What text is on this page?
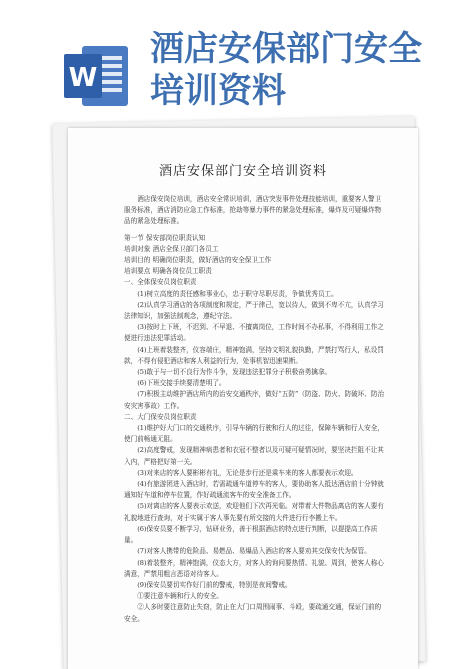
W
酒店安保部门安全
培训资料
酒店安保部门安全培训资料

酒店保安岗位培训，酒店安全常识培训，酒店突发事件处理技能培训，重要客人警卫服务标准，酒店消防应急工作标准，抢劫等暴力事件的紧急处理标准，爆炸及可疑爆炸物品的紧急处理标准。

第一节 保安部岗位职责认知

培训对象 酒店全保卫部门各员工

培训目的 明确岗位职责，做好酒店的安全保卫工作

培训要点 明确各岗位员工职责

一、全体保安员岗位职责

(1)树立高度的责任感和事业心，忠于职守尽职尽责，争做优秀员工。

(2)认真学习酒店的各项制度和规定，严于律己，宽以待人，做到不卑不亢，认真学习法律知识，加强法制观念，遵纪守法。

(3)按时上下班，不迟到、不早退、不擅离岗位，工作时间不办私事，不得利用工作之便进行违法犯罪活动。

(4)上班着装整齐，仪容端庄，精神饱满，坚持文明礼貌执勤，严禁打骂行人，私设罚款，不得有侵犯酒店和客人利益的行为，处事机智迅速果断。

(5)敢于与一切不良行为作斗争，发现违法犯罪分子积极奋勇擒拿。

(6)下班交接手续要清楚明了。

(7)积极主动维护酒店所内的治安交通秩序，做好“五防”（防盗、防火、防破坏、防治安灾害事故）工作。

二、大门保安员岗位职责

(1)维护好大门口的交通秩序，引导车辆的行驶和行人的过往，保障车辆和行人安全，使门前畅通无阻。

(2)高度警戒，发现精神病患者和衣冠不整者以及可疑可疑情况时，要坚决拦阻不让其入内，严格把好第一关。

(3)对来店的客人要彬彬有礼，无论是步行还是乘车来的客人都要表示欢迎。

(4)有旅游团进入酒店时，若需疏通车道停车的客人，要协助客人抵达酒店前十分钟就通知好车道和停车位置，作好疏通流客车的安全准备工作。

(5)对离店的客人要表示欢送，欢迎他们下次再光临。对带着大件物品离店的客人要有礼貌地进行查询，对于实属于客人事先要有所交接的大件进行行李搬上车。

(6)保安员要不断学习，钻研业务，善于根据酒店的特点进行判断，以提提高工作质量。

(7)对客人携带的危险品、易燃品、易爆品入酒店的客人要劝其交保安代为保管。

(8)着装整齐，精神饱满，仪态大方，对客人的询问要热情、礼貌、周到，使客人称心满意，严禁用粗言恶语对待客人。

(9)保安员要切实作好门前的警戒，特别是夜间警戒。

①要注意车辆和行人的安全。

②人多时要注意防止失窃，防止在大门口周围闹事、斗殴，要疏通交通，保证门前的安全。
